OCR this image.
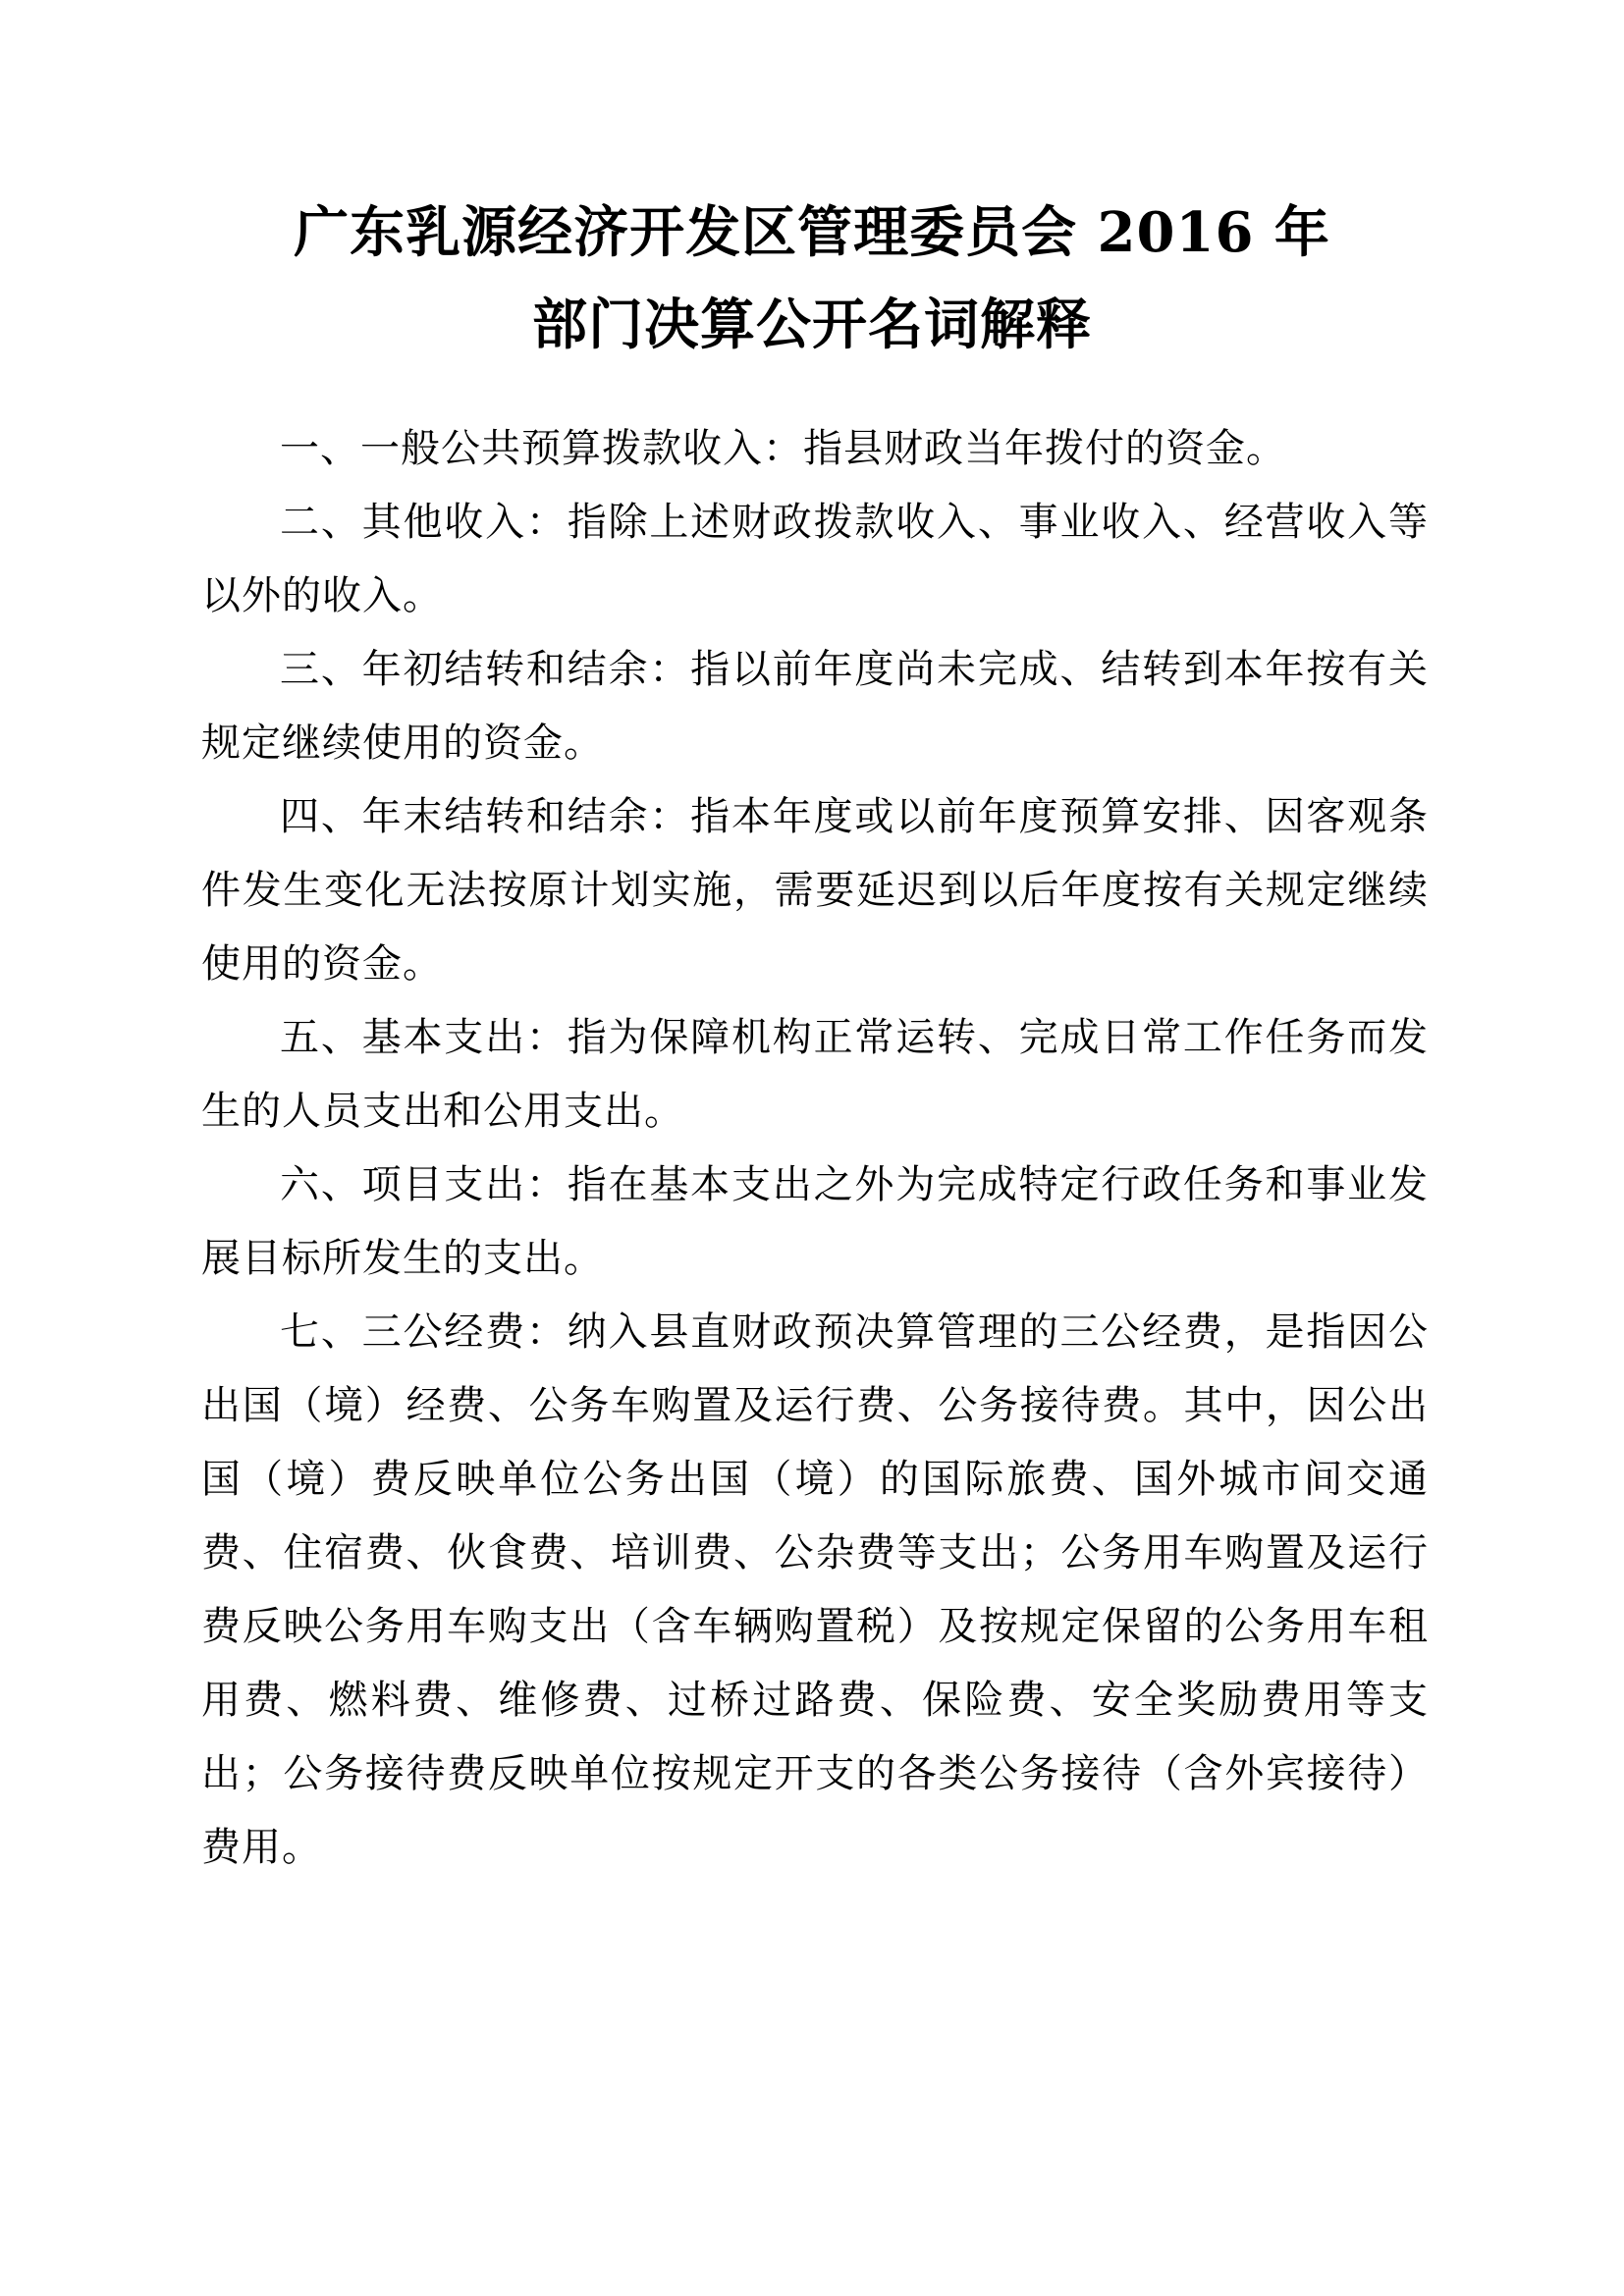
广东乳源经济开发区管理委员会 2016 年
部门决算公开名词解释

一、一般公共预算拨款收入：指县财政当年拨付的资金。

二、其他收入：指除上述财政拨款收入、事业收入、经营收入等以外的收入。

三、年初结转和结余：指以前年度尚未完成、结转到本年按有关规定继续使用的资金。

四、年末结转和结余：指本年度或以前年度预算安排、因客观条件发生变化无法按原计划实施，需要延迟到以后年度按有关规定继续使用的资金。

五、基本支出：指为保障机构正常运转、完成日常工作任务而发生的人员支出和公用支出。

六、项目支出：指在基本支出之外为完成特定行政任务和事业发展目标所发生的支出。

七、三公经费：纳入县直财政预决算管理的三公经费，是指因公出国（境）经费、公务车购置及运行费、公务接待费。其中，因公出国（境）费反映单位公务出国（境）的国际旅费、国外城市间交通费、住宿费、伙食费、培训费、公杂费等支出；公务用车购置及运行费反映公务用车购支出（含车辆购置税）及按规定保留的公务用车租用费、燃料费、维修费、过桥过路费、保险费、安全奖励费用等支出；公务接待费反映单位按规定开支的各类公务接待（含外宾接待）费用。
